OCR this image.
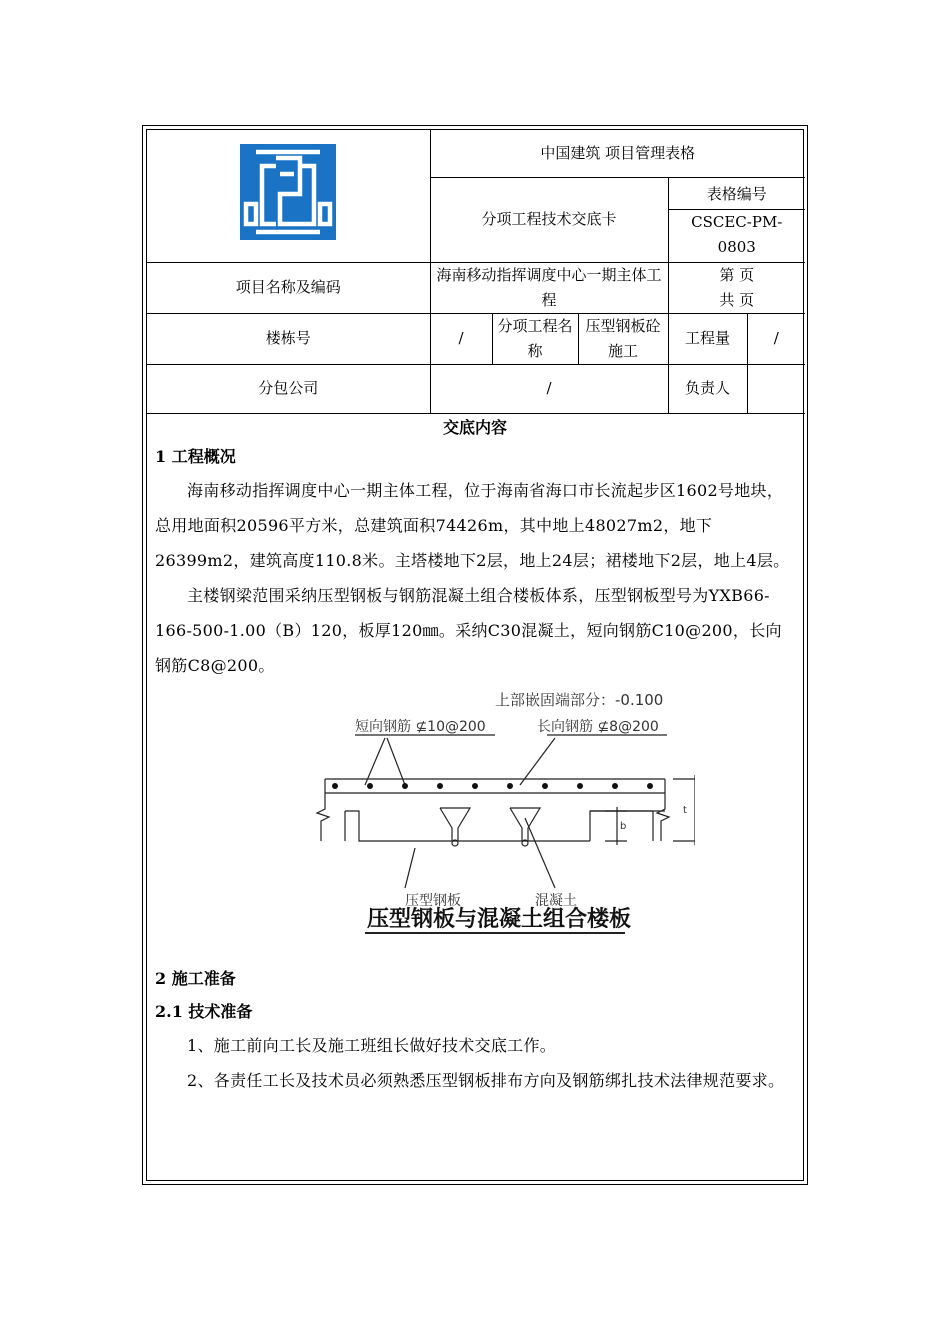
	中国建筑 项目管理表格				
	分项工程技术交底卡			表格编号
CSCEC-PM-
0803	

项目名称及编码	海南移动指挥调度中心一期主体工程			第 页
共 页	

楼栋号	/	分项工程名称	压型钢板砼施工	工程量	/
分包公司	/			负责人	
交底内容
1 工程概况
海南移动指挥调度中心一期主体工程，位于海南省海口市长流起步区1602号地块，总用地面积20596平方米，总建筑面积74426m，其中地上48027m2，地下26399m2，建筑高度110.8米。主塔楼地下2层，地上24层；裙楼地下2层，地上4层。
主楼钢梁范围采纳压型钢板与钢筋混凝土组合楼板体系，压型钢板型号为YXB66-166-500-1.00（B）120，板厚120㎜。采纳C30混凝土，短向钢筋C10@200，长向钢筋C8@200。
上部嵌固端部分：-0.100
短向钢筋 ⊈10@200	长向钢筋 ⊈8@200
b
t
压型钢板	混凝土
压型钢板与混凝土组合楼板
2 施工准备
2.1 技术准备
1、施工前向工长及施工班组长做好技术交底工作。
2、各责任工长及技术员必须熟悉压型钢板排布方向及钢筋绑扎技术法律规范要求。
